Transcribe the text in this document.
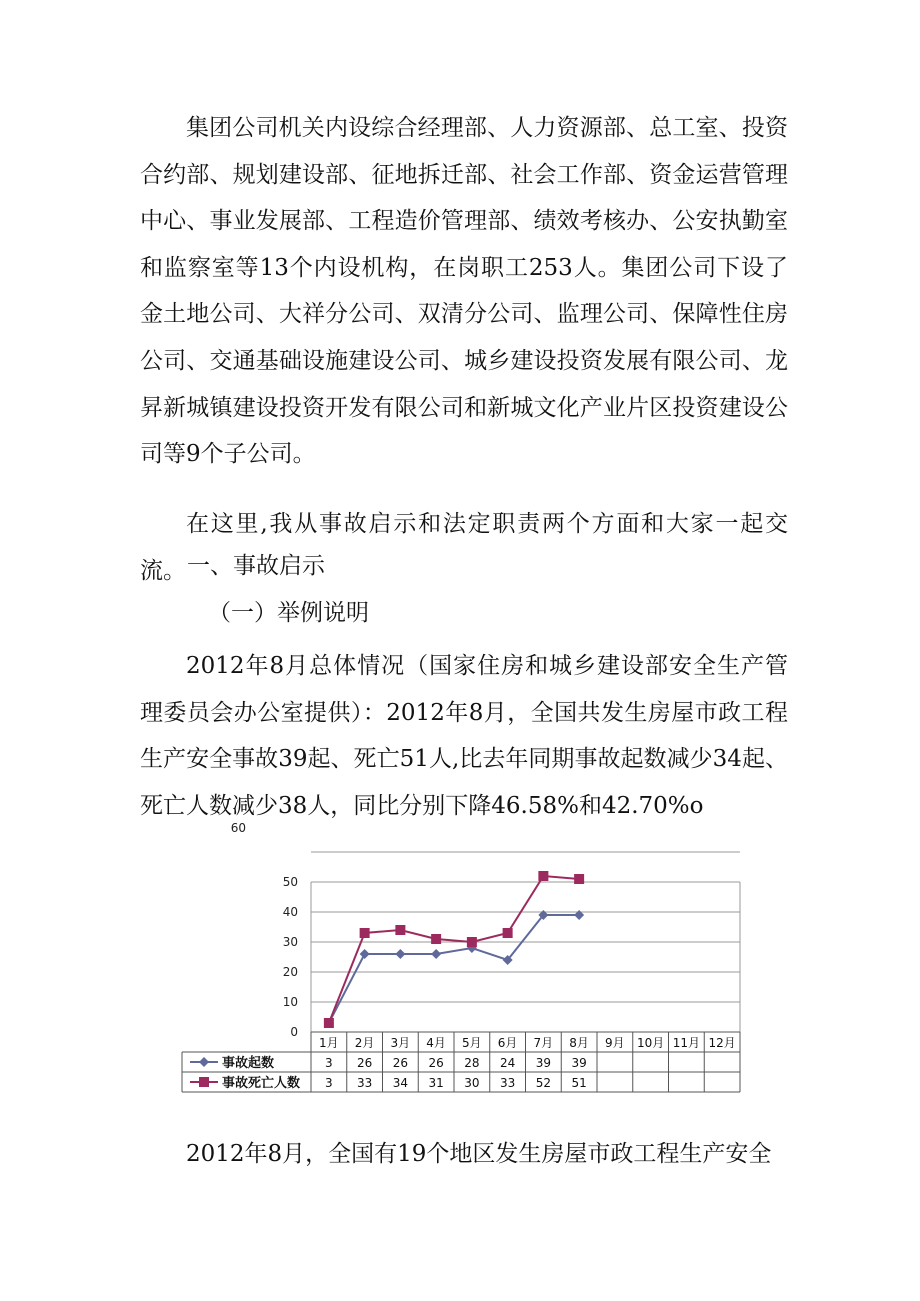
集团公司机关内设综合经理部、人力资源部、总工室、投资合约部、规划建设部、征地拆迁部、社会工作部、资金运营管理中心、事业发展部、工程造价管理部、绩效考核办、公安执勤室和监察室等13个内设机构，在岗职工253人。集团公司下设了金土地公司、大祥分公司、双清分公司、监理公司、保障性住房公司、交通基础设施建设公司、城乡建设投资发展有限公司、龙昇新城镇建设投资开发有限公司和新城文化产业片区投资建设公司等9个子公司。

在这里,我从事故启示和法定职责两个方面和大家一起交流。 一、事故启示
（一）举例说明

2012年8月总体情况（国家住房和城乡建设部安全生产管理委员会办公室提供）：2012年8月，全国共发生房屋市政工程生产安全事故39起、死亡51人,比去年同期事故起数减少34起、死亡人数减少38人，同比分别下降46.58%和42.70%o

0
10
20
30
40
50
60
1月 2月 3月 4月 5月 6月 7月 8月 9月 10月 11月 12月
事故起数	3 26 26 26 28 24 39 39
事故死亡人数 3 33 34 31 30 33 52 51

2012年8月，全国有19个地区发生房屋市政工程生产安全
